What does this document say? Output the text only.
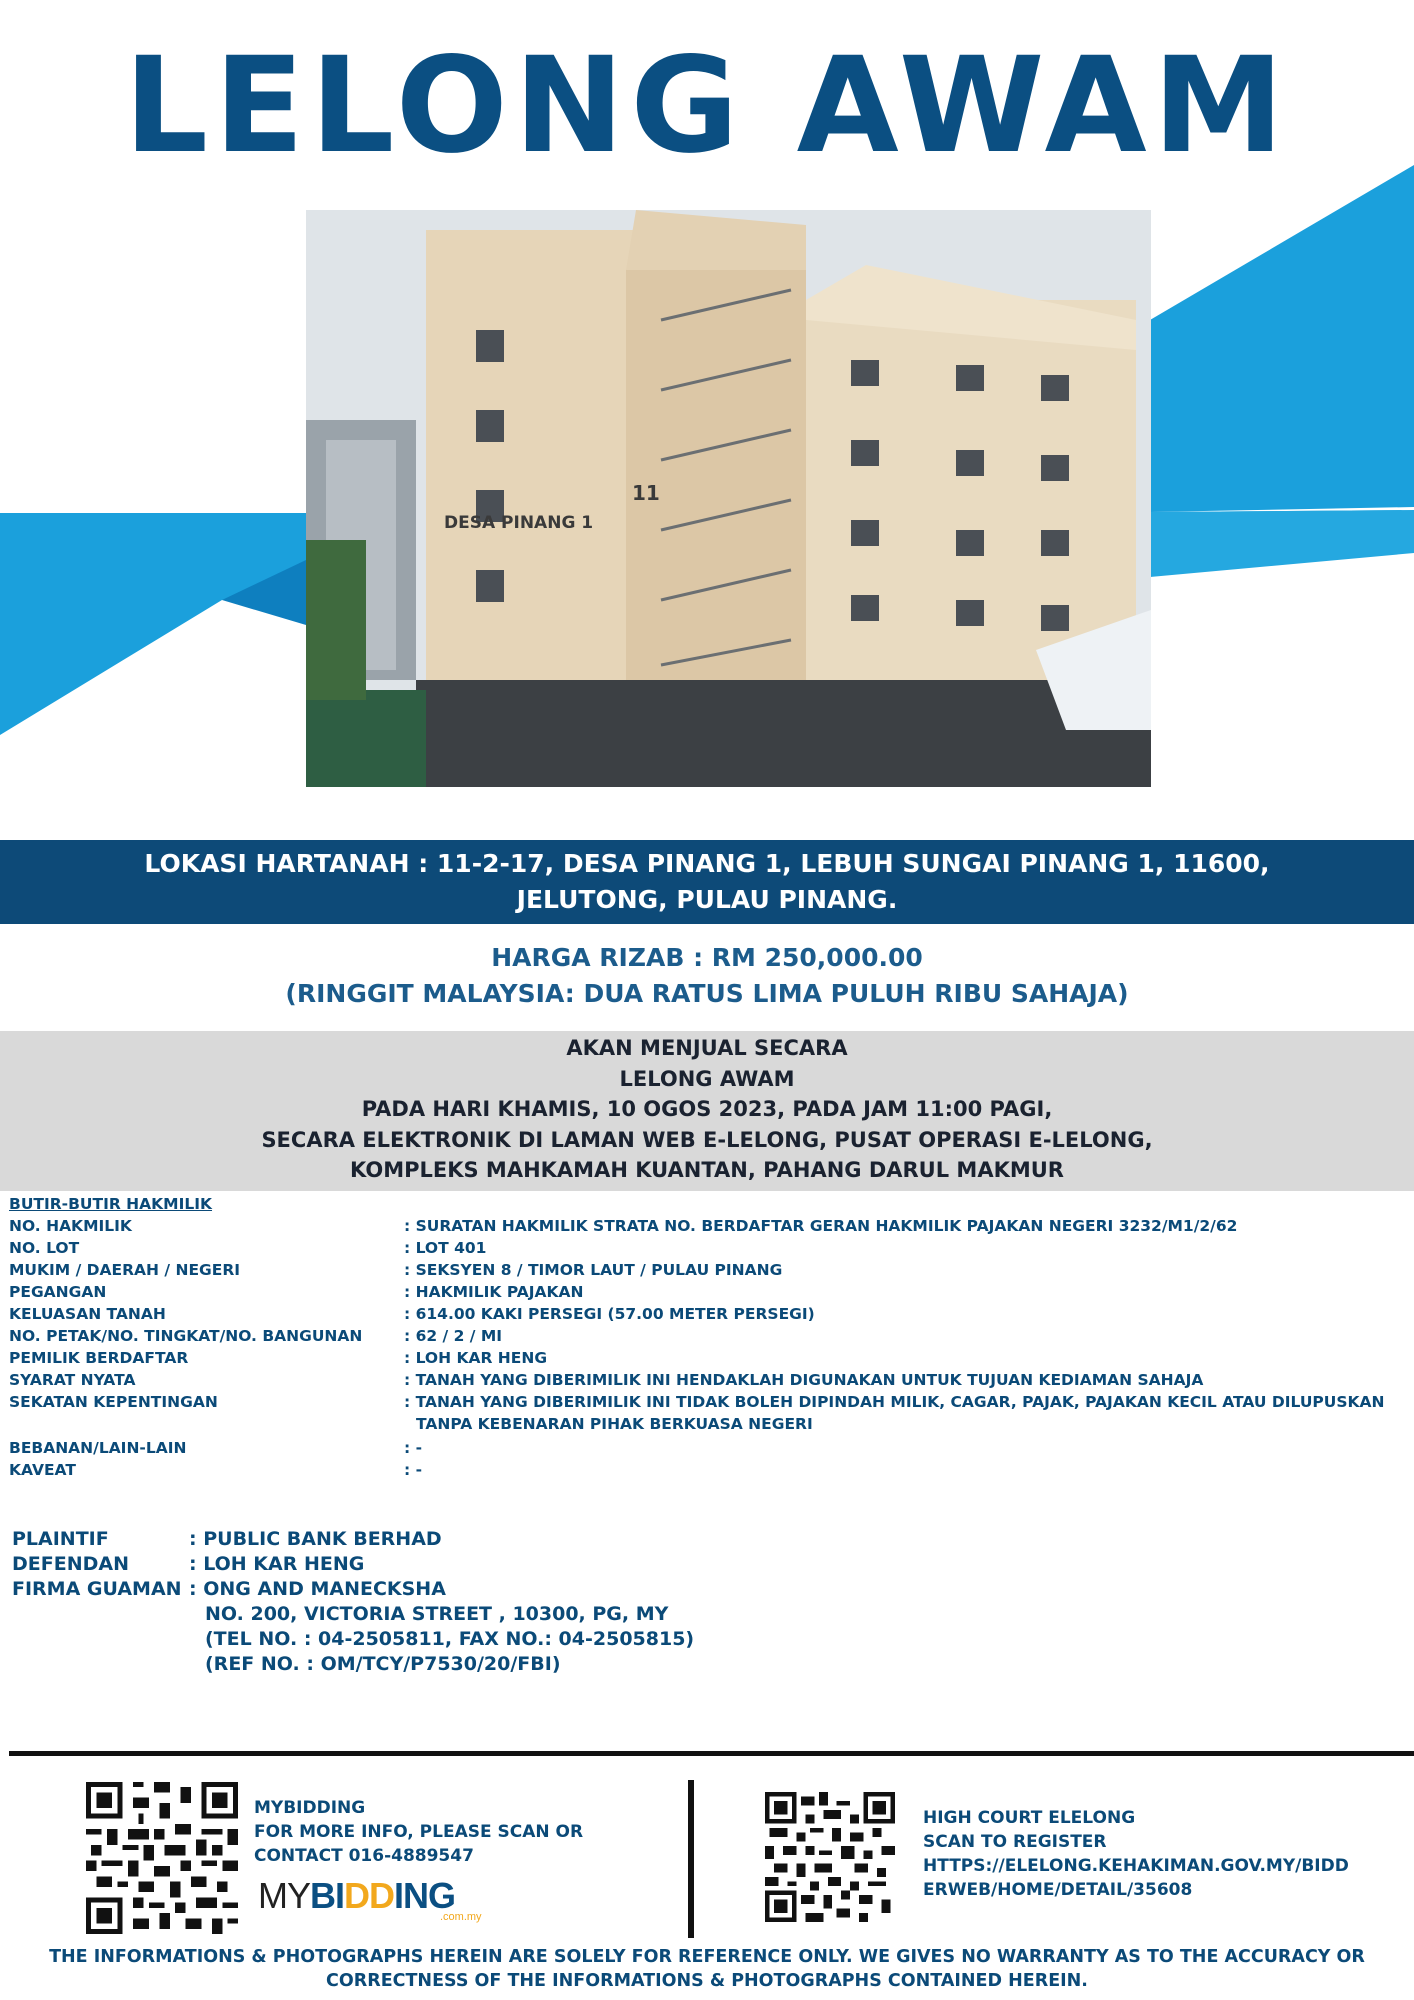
LELONG AWAM
DESA PINANG 1
11
LOKASI HARTANAH : 11-2-17, DESA PINANG 1, LEBUH SUNGAI PINANG 1, 11600,
JELUTONG, PULAU PINANG.
HARGA RIZAB : RM 250,000.00
(RINGGIT MALAYSIA: DUA RATUS LIMA PULUH RIBU SAHAJA)
AKAN MENJUAL SECARA
LELONG AWAM
PADA HARI KHAMIS, 10 OGOS 2023, PADA JAM 11:00 PAGI,
SECARA ELEKTRONIK DI LAMAN WEB E-LELONG, PUSAT OPERASI E-LELONG,
KOMPLEKS MAHKAMAH KUANTAN, PAHANG DARUL MAKMUR
BUTIR-BUTIR HAKMILIK
NO. HAKMILIK	: SURATAN HAKMILIK STRATA NO. BERDAFTAR GERAN HAKMILIK PAJAKAN NEGERI 3232/M1/2/62
NO. LOT	: LOT 401
MUKIM / DAERAH / NEGERI	: SEKSYEN 8 / TIMOR LAUT / PULAU PINANG
PEGANGAN	: HAKMILIK PAJAKAN
KELUASAN TANAH	: 614.00 KAKI PERSEGI (57.00 METER PERSEGI)
NO. PETAK/NO. TINGKAT/NO. BANGUNAN	: 62 / 2 / MI
PEMILIK BERDAFTAR	: LOH KAR HENG
SYARAT NYATA	: TANAH YANG DIBERIMILIK INI HENDAKLAH DIGUNAKAN UNTUK TUJUAN KEDIAMAN SAHAJA
SEKATAN KEPENTINGAN	: TANAH YANG DIBERIMILIK INI TIDAK BOLEH DIPINDAH MILIK, CAGAR, PAJAK, PAJAKAN KECIL ATAU DILUPUSKAN
TANPA KEBENARAN PIHAK BERKUASA NEGERI
BEBANAN/LAIN-LAIN	: -
KAVEAT	: -
PLAINTIF	: PUBLIC BANK BERHAD
DEFENDAN	: LOH KAR HENG
FIRMA GUAMAN : ONG AND MANECKSHA
NO. 200, VICTORIA STREET , 10300, PG, MY
(TEL NO. : 04-2505811, FAX NO.: 04-2505815)
(REF NO. : OM/TCY/P7530/20/FBI)
MYBIDDING
FOR MORE INFO, PLEASE SCAN OR
CONTACT 016-4889547
MYBIDDING
.com.my
HIGH COURT ELELONG
SCAN TO REGISTER
HTTPS://ELELONG.KEHAKIMAN.GOV.MY/BIDD
ERWEB/HOME/DETAIL/35608
THE INFORMATIONS & PHOTOGRAPHS HEREIN ARE SOLELY FOR REFERENCE ONLY. WE GIVES NO WARRANTY AS TO THE ACCURACY OR
CORRECTNESS OF THE INFORMATIONS & PHOTOGRAPHS CONTAINED HEREIN.
